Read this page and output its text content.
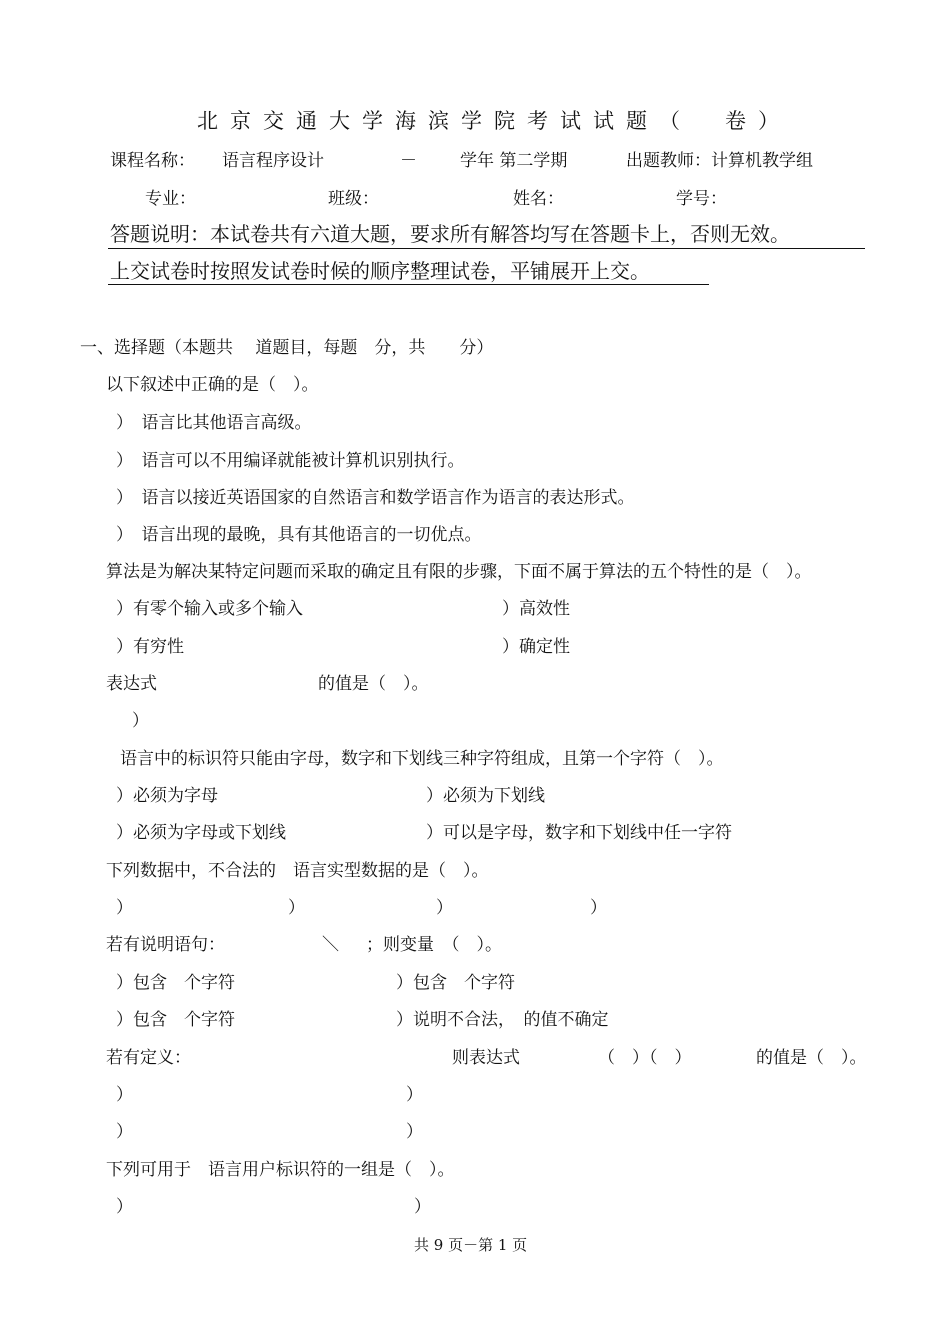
北京交通大学海滨学院考试试题（　卷）
课程名称： 语言程序设计	－	学年 第二学期	出题教师：计算机教学组
专业：	班级：	姓名：	学号：
答题说明：本试卷共有六道大题，要求所有解答均写在答题卡上，否则无效。
上交试卷时按照发试卷时候的顺序整理试卷，平铺展开上交。
一、选择题（本题共　 道题目，每题　分，共　　分）
以下叙述中正确的是（　）。
）　语言比其他语言高级。
）　语言可以不用编译就能被计算机识别执行。
）　语言以接近英语国家的自然语言和数学语言作为语言的表达形式。
）　语言出现的最晚，具有其他语言的一切优点。
算法是为解决某特定问题而采取的确定且有限的步骤，下面不属于算法的五个特性的是（　）。
）有零个输入或多个输入	）高效性
）有穷性	）确定性
表达式	的值是（　）。
）
语言中的标识符只能由字母，数字和下划线三种字符组成，且第一个字符（　）。
）必须为字母	）必须为下划线
）必须为字母或下划线	）可以是字母，数字和下划线中任一字符
下列数据中，不合法的　语言实型数据的是（　）。
）	）	）	）
若有说明语句：	＼ ；则变量　（　）。
）包含　个字符	）包含　个字符
）包含　个字符	）说明不合法，　的值不确定
若有定义：	则表达式	（　）（　）	的值是（　）。
）	）
）	）
下列可用于　语言用户标识符的一组是（　）。
）	）
共 9 页－第 1 页
